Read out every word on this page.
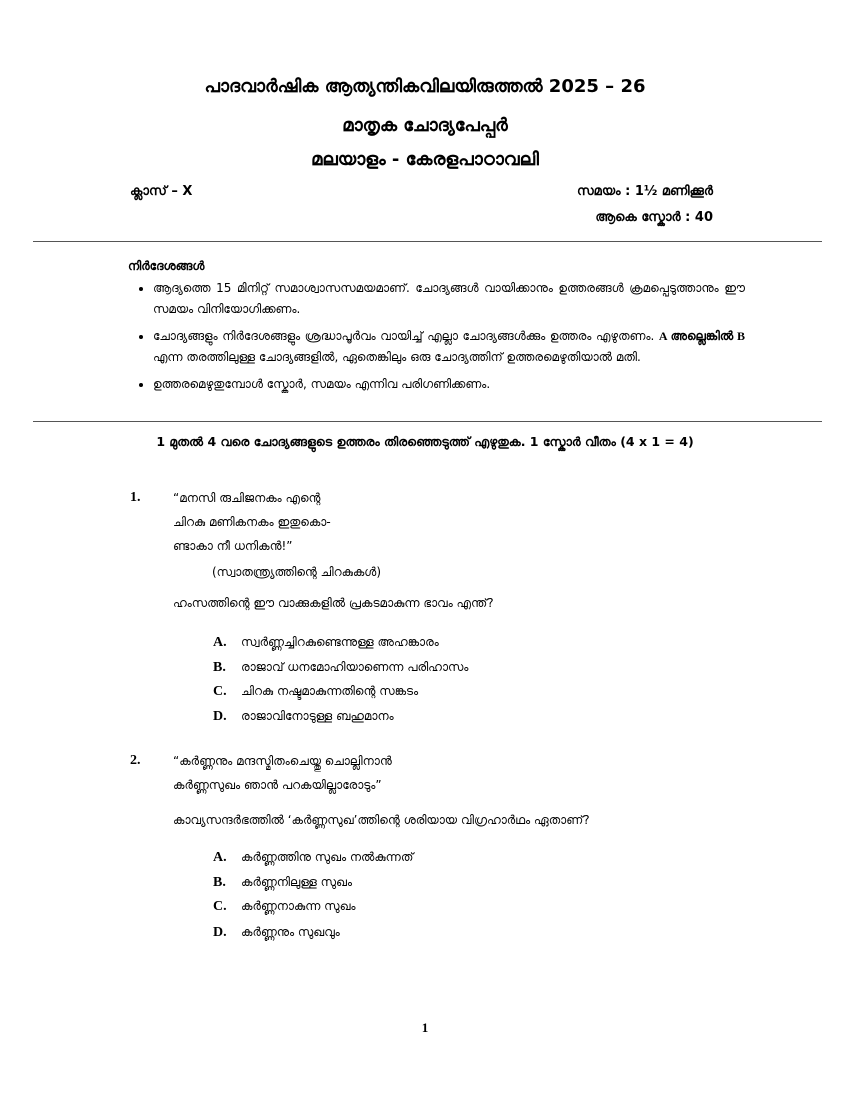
പാദവാർഷിക ആത്യന്തികവിലയിരുത്തൽ 2025 – 26
മാതൃക ചോദ്യപേപ്പർ
മലയാളം - കേരളപാഠാവലി
ക്ലാസ് – X	സമയം : 1½ മണിക്കൂർ
ആകെ സ്കോർ : 40
നിർദേശങ്ങൾ
• ആദ്യത്തെ 15 മിനിറ്റ് സമാശ്വാസസമയമാണ്. ചോദ്യങ്ങൾ വായിക്കാനും ഉത്തരങ്ങൾ ക്രമപ്പെടുത്താനും ഈ സമയം വിനിയോഗിക്കണം.
• ചോദ്യങ്ങളും നിർദേശങ്ങളും ശ്രദ്ധാപൂർവം വായിച്ച് എല്ലാ ചോദ്യങ്ങൾക്കും ഉത്തരം എഴുതണം. A അല്ലെങ്കിൽ B എന്ന തരത്തിലുള്ള ചോദ്യങ്ങളിൽ, ഏതെങ്കിലും ഒരു ചോദ്യത്തിന് ഉത്തരമെഴുതിയാൽ മതി.
• ഉത്തരമെഴുതുമ്പോൾ സ്കോർ, സമയം എന്നിവ പരിഗണിക്കണം.
1 മുതൽ 4 വരെ ചോദ്യങ്ങളുടെ ഉത്തരം തിരഞ്ഞെടുത്ത് എഴുതുക. 1 സ്കോർ വീതം (4 x 1 = 4)
1.	“മനസി രുചിജനകം എന്റെ
ചിറകു മണികനകം ഇതുകൊ-
ണ്ടാകാ നീ ധനികൻ!”
(സ്വാതന്ത്ര്യത്തിന്റെ ചിറകുകൾ)
ഹംസത്തിന്റെ ഈ വാക്കുകളിൽ പ്രകടമാകുന്ന ഭാവം എന്ത്?
A. സ്വർണ്ണച്ചിറകുണ്ടെന്നുള്ള അഹങ്കാരം
B. രാജാവ് ധനമോഹിയാണെന്ന പരിഹാസം
C. ചിറകു നഷ്ടമാകുന്നതിന്റെ സങ്കടം
D. രാജാവിനോടുള്ള ബഹുമാനം
2.	“കർണ്ണനും മന്ദസ്മിതംചെയ്തു ചൊല്ലിനാൻ
കർണ്ണസുഖം ഞാൻ പറകയില്ലാരോടും”
കാവ്യസന്ദർഭത്തിൽ ‘കർണ്ണസുഖ’ത്തിന്റെ ശരിയായ വിഗ്രഹാർഥം ഏതാണ്?
A. കർണ്ണത്തിനു സുഖം നൽകുന്നത്
B. കർണ്ണനിലുള്ള സുഖം
C. കർണ്ണനാകുന്ന സുഖം
D. കർണ്ണനും സുഖവും
1
